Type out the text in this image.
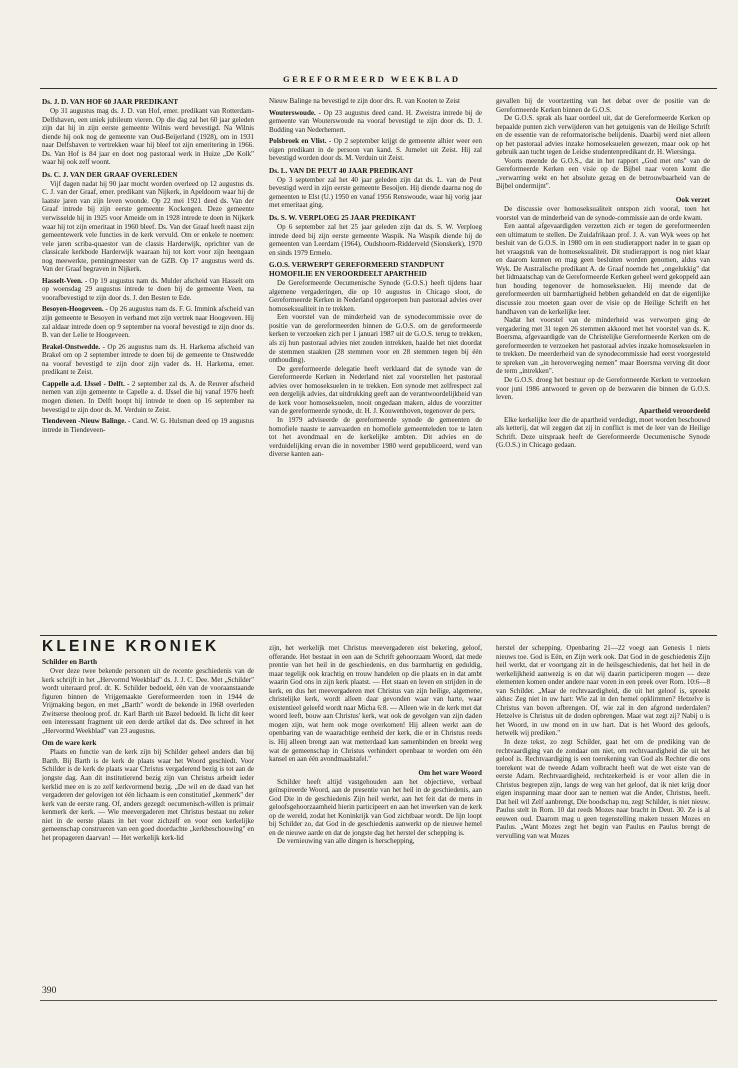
GEREFORMEERD WEEKBLAD
Ds. J. D. VAN HOF 60 JAAR PREDIKANT

Op 31 augustus mag ds. J. D. van Hof, emer. predikant van Rotterdam-Delfshaven, een uniek jubileum vieren. Op die dag zal het 60 jaar geleden zijn dat hij in zijn eerste gemeente Wilnis werd bevestigd. Na Wilnis diende hij ook nog de gemeente van Oud-Beijerland (1928), om in 1931 naar Delfshaven te vertrekken waar hij bleef tot zijn emeritering in 1966. Ds. Van Hof is 84 jaar en doet nog pastoraal werk in Huize „De Kolk" waar hij ook zelf woont.

Ds. C. J. VAN DER GRAAF OVERLEDEN

Vijf dagen nadat hij 90 jaar mocht worden overleed op 12 augustus ds. C. J. van der Graaf, emer. predikant van Nijkerk, in Apeldoorn waar hij de laatste jaren van zijn leven woonde. Op 22 mei 1921 deed ds. Van der Graaf intrede bij zijn eerste gemeente Kockengen. Deze gemeente verwisselde hij in 1925 voor Ameide om in 1928 intrede te doen in Nijkerk waar hij tot zijn emeritaat in 1960 bleef. Ds. Van der Graaf heeft naast zijn gemeentewerk vele functies in de kerk vervuld. Om er enkele te noemen: vele jaren scriba-quaestor van de classis Harderwijk, oprichter van de classicale kerkbode Harderwijk waaraan hij tot kort voor zijn heengaan nog meewerkte, penningmeester van de GZB. Op 17 augustus werd ds. Van der Graaf begraven in Nijkerk.

Hasselt-Veen. - Op 19 augustus nam ds. Mulder afscheid van Hasselt om op woensdag 29 augustus intrede te doen bij de gemeente Veen, na voorafbevestigd te zijn door ds. J. den Besten te Ede.

Besoyen-Hoogeveen. - Op 26 augustus nam ds. F. G. Immink afscheid van zijn gemeente te Besoyen in verband met zijn vertrek naar Hoogeveen. Hij zal aldaar intrede doen op 9 september na vooraf bevestigd te zijn door ds. B. van der Lelie te Hoogeveen.

Brakel-Onstwedde. - Op 26 augustus nam ds. H. Harkema afscheid van Brakel om op 2 september intrede te doen bij de gemeente te Onstwedde na vooraf bevestigd te zijn door zijn vader ds. H. Harkema, emer. predikant te Zeist.

Cappelle a.d. IJssel - Delft. - 2 september zal ds. A. de Reuver afscheid nemen van zijn gemeente te Capelle a. d. IJssel die hij vanaf 1976 heeft mogen dienen. In Delft hoopt hij intrede te doen op 16 september na bevestigd te zijn door ds. M. Verduin te Zeist.

Tiendeveen -Nieuw Balinge. - Cand. W. G. Hulsman deed op 19 augustus intrede in Tiendeveen-

Nieuw Balinge na bevestigd te zijn door drs. R. van Kooten te Zeist

Wouterswoude. - Op 23 augustus deed cand. H. Zweistra intrede bij de gemeente van Wouterswoude na vooraf bevestigd te zijn door ds. D. J. Budding van Nederhemert.

Polsbroek en Vlist. - Op 2 september krijgt de gemeente alhier weer een eigen predikant in de persoon van kand. S. Jumelet uit Zeist. Hij zal bevestigd worden door ds. M. Verduin uit Zeist.

Ds. L. VAN DE PEUT 40 JAAR PREDIKANT

Op 3 september zal het 40 jaar geleden zijn dat ds. L. van de Peut bevestigd werd in zijn eerste gemeente Besoijen. Hij diende daarna nog de gemeenten te Elst (U.) 1950 en vanaf 1956 Renswoude, waar hij vorig jaar met emeritaat ging.

Ds. S. W. VERPLOEG 25 JAAR PREDIKANT

Op 6 september zal het 25 jaar geleden zijn dat ds. S. W. Verploeg intrede deed bij zijn eerste gemeente Waspik. Na Waspik diende hij de gemeenten van Leerdam (1964), Oudshoorn-Ridderveld (Sionskerk), 1970 en sinds 1979 Ermelo.

G.O.S. VERWERPT GEREFORMEERD STANDPUNT HOMOFILIE EN VEROORDEELT APARTHEID

De Gereformeerde Oecumenische Synode (G.O.S.) heeft tijdens haar algemene vergaderingen, die op 10 augustus in Chicago sloot, de Gereformeerde Kerken in Nederland opgeroepen hun pastoraal advies over homoseksualiteit in te trekken.

Een voorstel van de minderheid van de synodecommissie over de positie van de gereformeerden binnen de G.O.S. om de gereformeerde kerken te verzoeken zich per 1 januari 1987 uit de G.O.S. terug te trekken, als zij hun pastoraal advies niet zouden intrekken, haalde het niet doordat de stemmen staakten (28 stemmen voor en 28 stemmen tegen bij één onthouding).

De gereformeerde delegatie heeft verklaard dat de synode van de Gereformeerde Kerken in Nederland niet zal voorstellen het pastoraal advies over homoseksuelen in te trekken. Een synode met zelfrespect zal een dergelijk advies, dat uitdrukking geeft aan de verantwoordelijkheid van de kerk voor homoseksuelen, nooit ongedaan maken, aldus de voorzitter van de gereformeerde synode, dr. H. J. Kouwenhoven, tegenover de pers.

In 1979 adviseerde de gereformeerde synode de gemeenten de homofiele naaste te aanvaarden en homofiele gemeenteleden toe te laten tot het avondmaal en de kerkelijke ambten. Dit advies en de verduidelijking ervan die in november 1980 werd gepubliceerd, werd van diverse kanten aan-

gevallen bij de voortzetting van het debat over de positie van de Gereformeerde Kerken binnen de G.O.S.

De G.O.S. sprak als haar oordeel uit, dat de Gereformeerde Kerken op bepaalde punten zich verwijderen van het getuigenis van de Heilige Schrift en de essentie van de reformatorische belijdenis. Daarbij werd niet alleen op het pastoraal advies inzake homoseksuelen gewezen, maar ook op het gebruik aan tucht tegen de Leidse studentenpredikant dr. H. Wiersinga.

Voorts meende de G.O.S., dat in het rapport „God met ons" van de Gereformeerde Kerken een visie op de Bijbel naar voren komt die „verwarring wekt en het absolute gezag en de betrouwbaarheid van de Bijbel ondermijnt".

Ook verzet

De discussie over homoseksualiteit ontspon zich vooral, toen het voorstel van de minderheid van de synode-commissie aan de orde kwam.

Een aantal afgevaardigden verzetten zich er tegen de gereformeerden een ultimatum te stellen. De Zuidafrikaan prof. J. A. van Wyk wees op het besluit van de G.O.S. in 1980 om in een studierapport nader in te gaan op het vraagstuk van de homoseksualiteit. Dit studierapport is nog niet klaar en daarom kunnen en mag geen besluiten worden genomen, aldus van Wyk. De Australische predikant A. de Graaf noemde het „ongelukkig" dat het lidmaatschap van de Gereformeerde Kerken geheel werd gekoppeld aan hun houding tegenover de homoseksuelen. Hij meende dat de gereformeerden uit barmhartigheid hebben gehandeld en dat de eigenlijke discussie zou moeten gaan over de visie op de Heilige Schrift en het handhaven van de kerkelijke leer.

Nadat het voorstel van de minderheid was verworpen ging de vergadering met 31 tegen 26 stemmen akkoord met het voorstel van ds. K. Boersma, afgevaardigde van de Christelijke Gereformeerde Kerken om de gereformeerden te verzoeken het pastoraal advies inzake homoseksuelen in te trekken. De meerderheid van de synodecommissie had eerst voorgesteld te spreken van „in heroverweging nemen" maar Boersma verving dit door de term „intrekken".

De G.O.S. droeg het bestuur op de Gereformeerde Kerken te verzoeken voor juni 1986 antwoord te geven op de bezwaren die binnen de G.O.S. leven.

Apartheid veroordeeld

Elke kerkelijke leer die de apartheid verdedigt, moet worden beschouwd als ketterij, dat wil zeggen dat zij in conflict is met de leer van de Heilige Schrift. Deze uitspraak heeft de Gereformeerde Oecumenische Synode (G.O.S.) in Chicago gedaan.

KLEINE KRONIEK
Schilder en Barth

Over deze twee bekende personen uit de recente geschiedenis van de kerk schrijft in het „Hervormd Weekblad" ds. J. J. C. Dee. Met „Schilder" wordt uiteraard prof. dr. K. Schilder bedoeld, één van de vooraanstaande figuren binnen de Vrijgemaakte Gereformeerden toen in 1944 de Vrijmaking begon, en met „Barth" wordt de bekende in 1968 overleden Zwitserse theoloog prof. dr. Karl Barth uit Bazel bedoeld. Ik licht dit keer een interessant fragment uit een derde artikel dat ds. Dee schreef in het „Hervormd Weekblad" van 23 augustus.

Om de ware kerk

Plaats en functie van de kerk zijn bij Schilder geheel anders dan bij Barth. Bij Barth is de kerk de plaats waar het Woord geschiedt. Voor Schilder is de kerk de plaats waar Christus vergaderend bezig is tot aan de jongste dag. Aan dit institutierend bezig zijn van Christus arbeidt ieder kerklid mee en is zo zelf kerkvormend bezig. „De wil en de daad van het vergaderen der gelovigen tot één lichaam is een constitutief „kenmerk" der kerk van de eerste rang. Of, anders gezegd: oecumenisch-willen is primair kenmerk der kerk. — Wie meevergaderen met Christus bestaat nu zeker niet in de eerste plaats in het voor zichzelf en voor een kerkelijke gemeenschap construeren van een goed doordachte „kerkbeschouwing" en het propageren daarvan! — Het werkelijk kerk-lid

zijn, het werkelijk met Christus meevergaderen eist bekering, geloof, offerande. Het bestaat in een aan de Schrift gehoorzaam Woord, dat mede prentie van het heil in de geschiedenis, en dus barmhartig en geduldig, maar tegelijk ook krachtig en trouw handelen op die plaats en in dat ambt waarin God ons in zijn kerk plaatst. — Het staan en leven en strijden in de kerk, en dus het meevergaderen met Christus van zijn heilige, algemene, christelijke kerk, wordt alleen daar gevonden waar van harte, waar existentieel geleefd wordt naar Micha 6:8. — Alleen wie in de kerk met dat woord leeft, bouw aan Christus' kerk, wat ook de gevolgen van zijn daden mogen zijn, wat hem ook moge overkomen! Hij alleen werkt aan de openbaring van de waarachtige eenheid der kerk, die er in Christus reeds is. Hij alleen brengt aan wat metterdaad kan samenbinden en breekt weg wat de gemeenschap in Christus verhindert openbaar te worden om één kansel en aan één avondmaalstafel."

Om het ware Woord

Schilder heeft altijd vastgehouden aan het objectieve, verbaal geïnspireerde Woord, aan de presentie van het heil in de geschiedenis, aan God Die in de geschiedenis Zijn heil werkt, aan het feit dat de mens in geloofsgehoorzaamheid hierin participeert en aan het inwerken van de kerk op de wereld, zodat het Koninkrijk van God zichtbaar wordt. De lijn loopt bij Schilder zo, dat God in de geschiedenis aanwerkt op de nieuwe hemel en de nieuwe aarde en dat de jongste dag het herstel der schepping is.

De vernieuwing van alle dingen is herschepping,

herstel der schepping. Openbaring 21—22 voegt aan Genesis 1 niets nieuws toe. God is Eén, en Zijn werk ook. Dat God in de geschiedenis Zijn heil werkt, dat er voortgang zit in de heilsgeschiedenis, dat het heil in de werkelijkheid aanwezig is en dat wij daarin participeren mogen — deze elementen komen onder andere naar voren in een preek over Rom. 10:6—8 van Schilder. „Maar de rechtvaardigheid, die uit het geloof is, spreekt aldus: Zeg niet in uw hart: Wie zal in den hemel opklimmen? Hetzelve is Christus van boven afbrengen. Of, wie zal in den afgrond nederdalen? Hetzelve is Christus uit de doden opbrengen. Maar wat zegt zij? Nabij u is het Woord, in uw mond en in uw hart. Dat is het Woord des geloofs, hetwelk wij prediken."

In deze tekst, zo zegt Schilder, gaat het om de prediking van de rechtvaardiging van de zondaar om niet, om rechtvaardigheid die uit het geloof is. Rechtvaardiging is een toerekening van God als Rechter die ons toerekent wat de tweede Adam volbracht heeft wat de wet eiste van de eerste Adam. Rechtvaardigheid, rechtzekerheid is er voor allen die in Christus begrepen zijn, langs de weg van het geloof, dat ik niet krijg door eigen inspanning maar door aan te nemen wat die Ander, Christus, heeft. Dat heil wil Zelf aanbrengt, Die boodschap nu, zegt Schilder, is niet nieuw. Paulus stelt in Rom. 10 dat reeds Mozes naar bracht in Deut. 30. Ze is al eeuwen oud. Daarom mag u geen tegenstelling maken tussen Mozes en Paulus. „Want Mozes zegt het begin van Paulus en Paulus brengt de vervulling van wat Mozes

390
